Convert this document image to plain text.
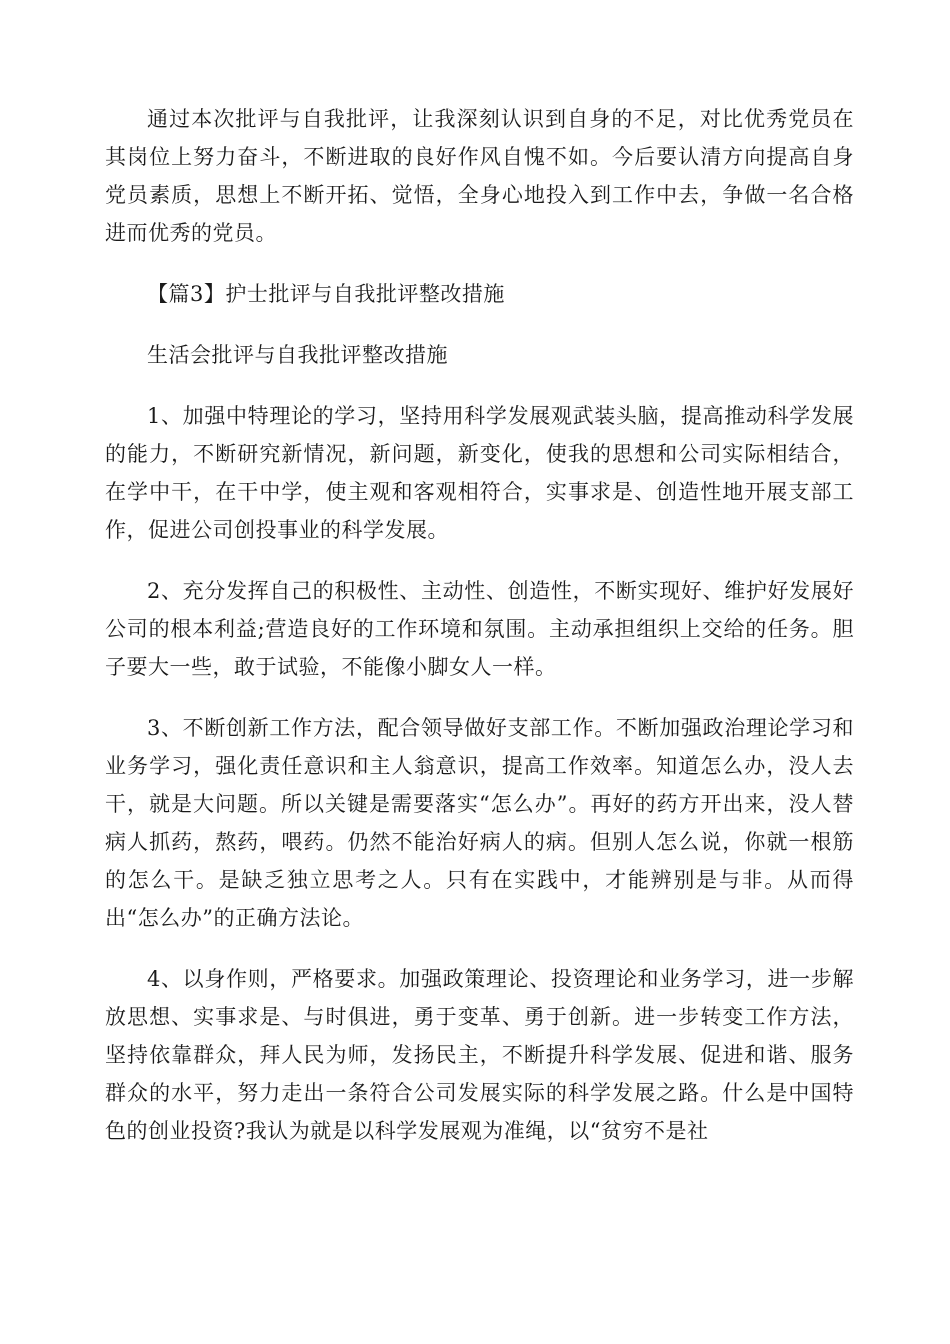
通过本次批评与自我批评，让我深刻认识到自身的不足，对比优秀党员在其岗位上努力奋斗，不断进取的良好作风自愧不如。今后要认清方向提高自身党员素质，思想上不断开拓、觉悟，全身心地投入到工作中去，争做一名合格进而优秀的党员。

【篇3】护士批评与自我批评整改措施

生活会批评与自我批评整改措施

1、加强中特理论的学习，坚持用科学发展观武装头脑，提高推动科学发展的能力，不断研究新情况，新问题，新变化，使我的思想和公司实际相结合，在学中干，在干中学，使主观和客观相符合，实事求是、创造性地开展支部工作，促进公司创投事业的科学发展。

2、充分发挥自己的积极性、主动性、创造性，不断实现好、维护好发展好公司的根本利益;营造良好的工作环境和氛围。主动承担组织上交给的任务。胆子要大一些，敢于试验，不能像小脚女人一样。

3、不断创新工作方法，配合领导做好支部工作。不断加强政治理论学习和业务学习，强化责任意识和主人翁意识，提高工作效率。知道怎么办，没人去干，就是大问题。所以关键是需要落实“怎么办”。再好的药方开出来，没人替病人抓药，熬药，喂药。仍然不能治好病人的病。但别人怎么说，你就一根筋的怎么干。是缺乏独立思考之人。只有在实践中，才能辨别是与非。从而得出“怎么办”的正确方法论。

4、以身作则，严格要求。加强政策理论、投资理论和业务学习，进一步解放思想、实事求是、与时俱进，勇于变革、勇于创新。进一步转变工作方法，坚持依靠群众，拜人民为师，发扬民主，不断提升科学发展、促进和谐、服务群众的水平，努力走出一条符合公司发展实际的科学发展之路。什么是中国特色的创业投资?我认为就是以科学发展观为准绳，以“贫穷不是社
